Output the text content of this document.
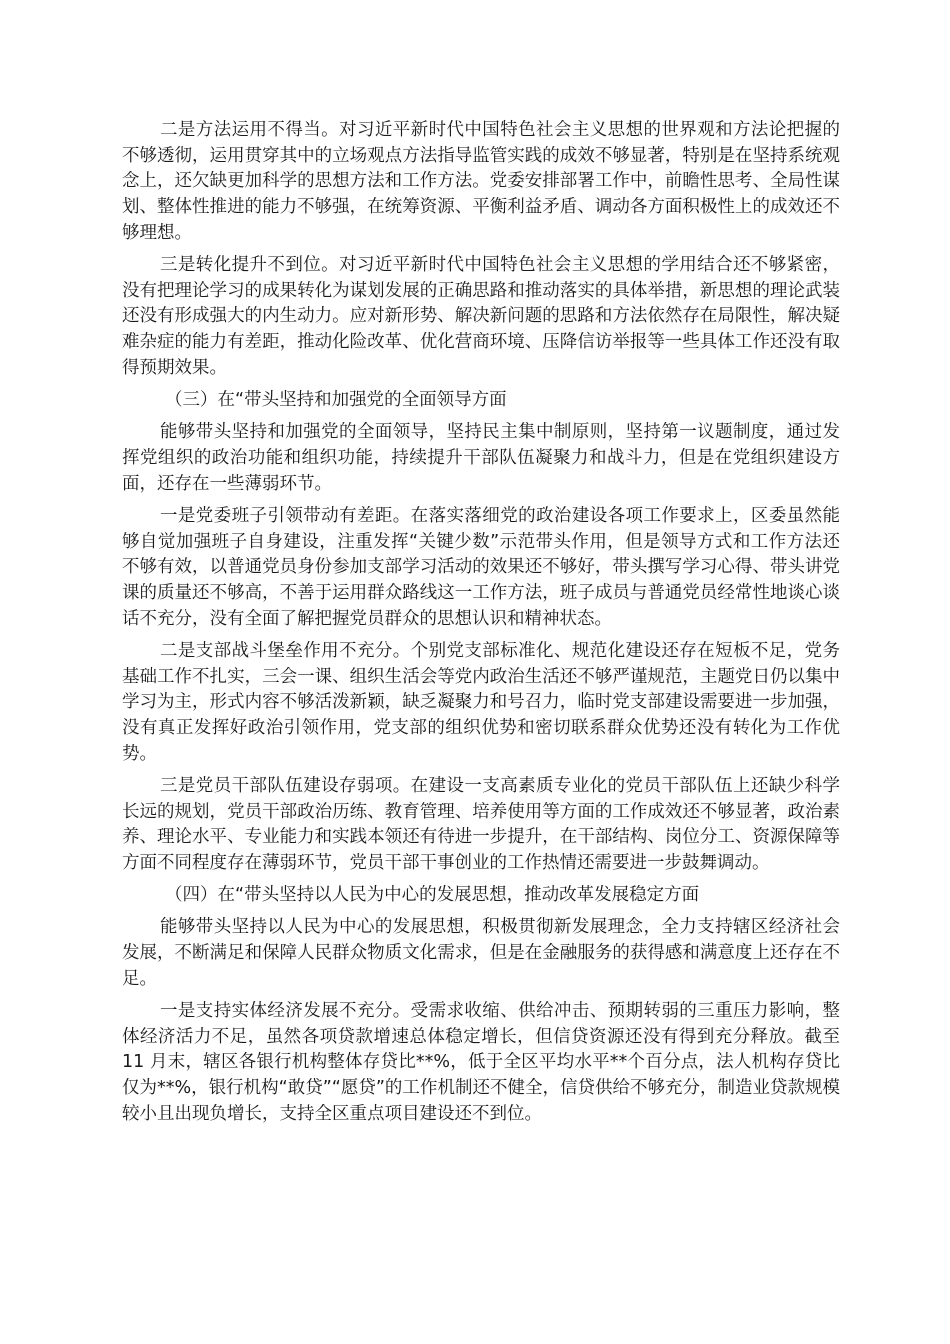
二是方法运用不得当。对习近平新时代中国特色社会主义思想的世界观和方法论把握的不够透彻，运用贯穿其中的立场观点方法指导监管实践的成效不够显著，特别是在坚持系统观念上，还欠缺更加科学的思想方法和工作方法。党委安排部署工作中，前瞻性思考、全局性谋划、整体性推进的能力不够强，在统筹资源、平衡利益矛盾、调动各方面积极性上的成效还不够理想。

三是转化提升不到位。对习近平新时代中国特色社会主义思想的学用结合还不够紧密，没有把理论学习的成果转化为谋划发展的正确思路和推动落实的具体举措，新思想的理论武装还没有形成强大的内生动力。应对新形势、解决新问题的思路和方法依然存在局限性，解决疑难杂症的能力有差距，推动化险改革、优化营商环境、压降信访举报等一些具体工作还没有取得预期效果。

（三）在“带头坚持和加强党的全面领导方面

能够带头坚持和加强党的全面领导，坚持民主集中制原则，坚持第一议题制度，通过发挥党组织的政治功能和组织功能，持续提升干部队伍凝聚力和战斗力，但是在党组织建设方面，还存在一些薄弱环节。

一是党委班子引领带动有差距。在落实落细党的政治建设各项工作要求上，区委虽然能够自觉加强班子自身建设，注重发挥“关键少数”示范带头作用，但是领导方式和工作方法还不够有效，以普通党员身份参加支部学习活动的效果还不够好，带头撰写学习心得、带头讲党课的质量还不够高，不善于运用群众路线这一工作方法，班子成员与普通党员经常性地谈心谈话不充分，没有全面了解把握党员群众的思想认识和精神状态。

二是支部战斗堡垒作用不充分。个别党支部标准化、规范化建设还存在短板不足，党务基础工作不扎实，三会一课、组织生活会等党内政治生活还不够严谨规范，主题党日仍以集中学习为主，形式内容不够活泼新颖，缺乏凝聚力和号召力，临时党支部建设需要进一步加强，没有真正发挥好政治引领作用，党支部的组织优势和密切联系群众优势还没有转化为工作优势。

三是党员干部队伍建设存弱项。在建设一支高素质专业化的党员干部队伍上还缺少科学长远的规划，党员干部政治历练、教育管理、培养使用等方面的工作成效还不够显著，政治素养、理论水平、专业能力和实践本领还有待进一步提升，在干部结构、岗位分工、资源保障等方面不同程度存在薄弱环节，党员干部干事创业的工作热情还需要进一步鼓舞调动。

（四）在“带头坚持以人民为中心的发展思想，推动改革发展稳定方面

能够带头坚持以人民为中心的发展思想，积极贯彻新发展理念，全力支持辖区经济社会发展，不断满足和保障人民群众物质文化需求，但是在金融服务的获得感和满意度上还存在不足。

一是支持实体经济发展不充分。受需求收缩、供给冲击、预期转弱的三重压力影响，整体经济活力不足，虽然各项贷款增速总体稳定增长，但信贷资源还没有得到充分释放。截至 11 月末，辖区各银行机构整体存贷比**%，低于全区平均水平**个百分点，法人机构存贷比仅为**%，银行机构“敢贷”“愿贷”的工作机制还不健全，信贷供给不够充分，制造业贷款规模较小且出现负增长，支持全区重点项目建设还不到位。
